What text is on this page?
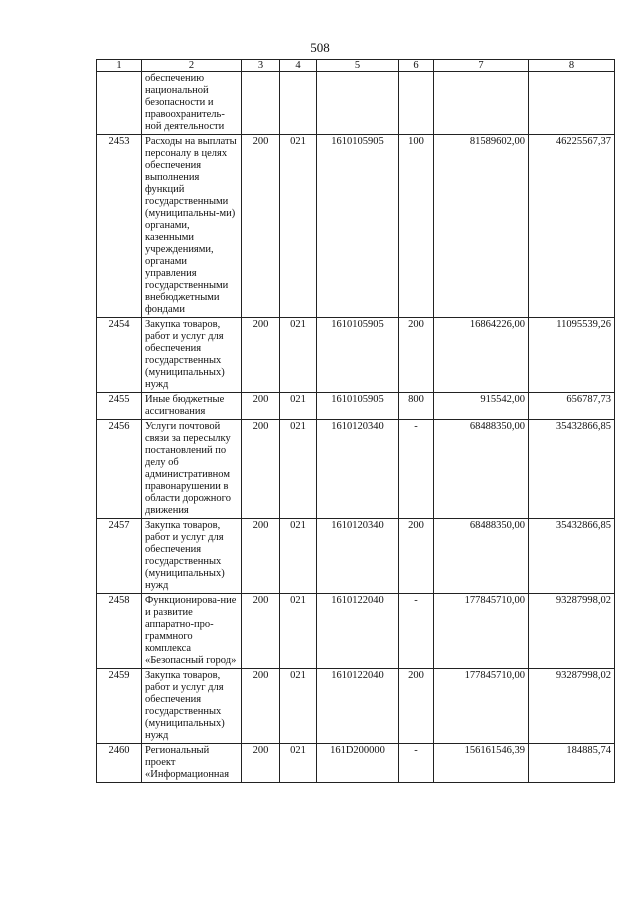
508
1	2	3	4	5	6	7	8
	обеспечению национальной безопасности и правоохранитель-ной деятельности						
2453	Расходы на выплаты персоналу в целях обеспечения выполнения функций государственными (муниципальны-ми) органами, казенными учреждениями, органами управления государственными внебюджетными фондами	200	021	1610105905	100	81589602,00	46225567,37
2454	Закупка товаров, работ и услуг для обеспечения государственных (муниципальных) нужд	200	021	1610105905	200	16864226,00	11095539,26
2455	Иные бюджетные ассигнования	200	021	1610105905	800	915542,00	656787,73
2456	Услуги почтовой связи за пересылку постановлений по делу об административном правонарушении в области дорожного движения	200	021	1610120340	-	68488350,00	35432866,85
2457	Закупка товаров, работ и услуг для обеспечения государственных (муниципальных) нужд	200	021	1610120340	200	68488350,00	35432866,85
2458	Функционирова-ние и развитие аппаратно-про-граммного комплекса «Безопасный город»	200	021	1610122040	-	177845710,00	93287998,02
2459	Закупка товаров, работ и услуг для обеспечения государственных (муниципальных) нужд	200	021	1610122040	200	177845710,00	93287998,02
2460	Региональный проект «Информационная	200	021	161D200000	-	156161546,39	184885,74
